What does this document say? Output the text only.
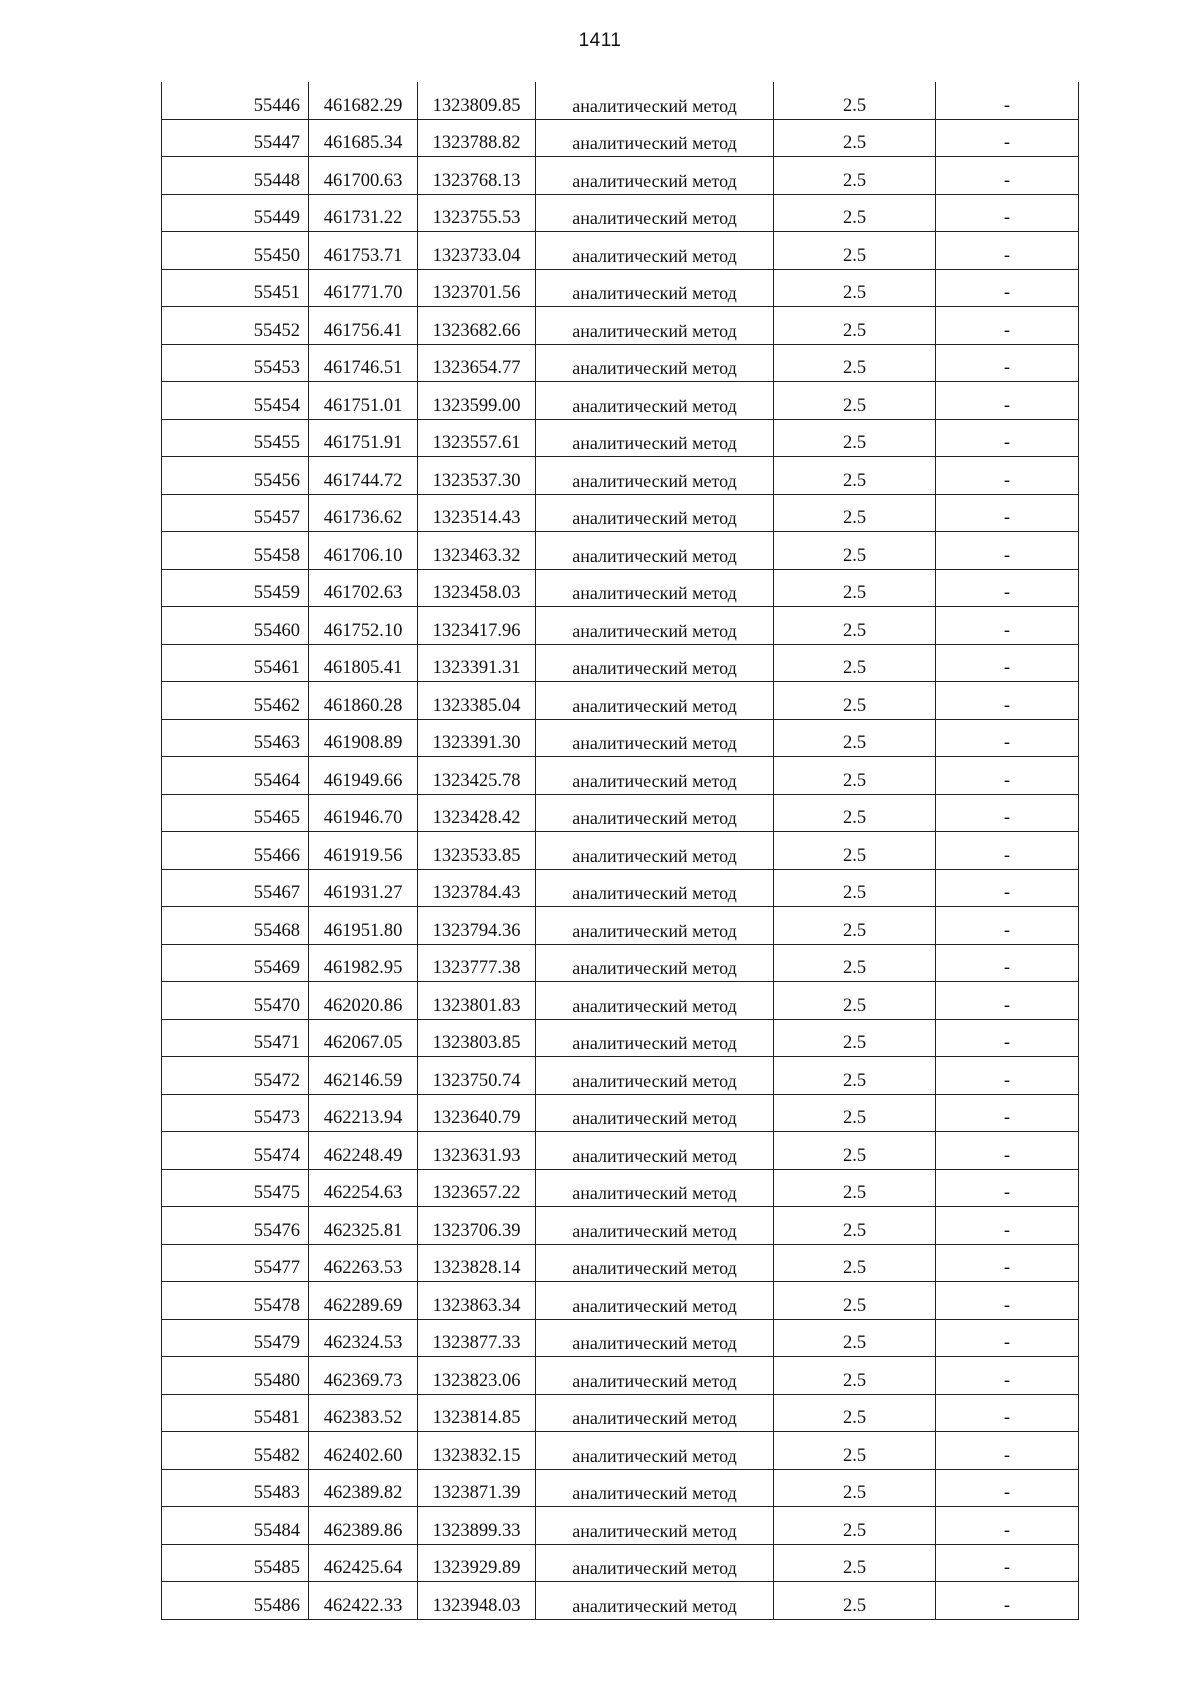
1411
55446	461682.29	1323809.85	аналитический метод	2.5	-
55447	461685.34	1323788.82	аналитический метод	2.5	-
55448	461700.63	1323768.13	аналитический метод	2.5	-
55449	461731.22	1323755.53	аналитический метод	2.5	-
55450	461753.71	1323733.04	аналитический метод	2.5	-
55451	461771.70	1323701.56	аналитический метод	2.5	-
55452	461756.41	1323682.66	аналитический метод	2.5	-
55453	461746.51	1323654.77	аналитический метод	2.5	-
55454	461751.01	1323599.00	аналитический метод	2.5	-
55455	461751.91	1323557.61	аналитический метод	2.5	-
55456	461744.72	1323537.30	аналитический метод	2.5	-
55457	461736.62	1323514.43	аналитический метод	2.5	-
55458	461706.10	1323463.32	аналитический метод	2.5	-
55459	461702.63	1323458.03	аналитический метод	2.5	-
55460	461752.10	1323417.96	аналитический метод	2.5	-
55461	461805.41	1323391.31	аналитический метод	2.5	-
55462	461860.28	1323385.04	аналитический метод	2.5	-
55463	461908.89	1323391.30	аналитический метод	2.5	-
55464	461949.66	1323425.78	аналитический метод	2.5	-
55465	461946.70	1323428.42	аналитический метод	2.5	-
55466	461919.56	1323533.85	аналитический метод	2.5	-
55467	461931.27	1323784.43	аналитический метод	2.5	-
55468	461951.80	1323794.36	аналитический метод	2.5	-
55469	461982.95	1323777.38	аналитический метод	2.5	-
55470	462020.86	1323801.83	аналитический метод	2.5	-
55471	462067.05	1323803.85	аналитический метод	2.5	-
55472	462146.59	1323750.74	аналитический метод	2.5	-
55473	462213.94	1323640.79	аналитический метод	2.5	-
55474	462248.49	1323631.93	аналитический метод	2.5	-
55475	462254.63	1323657.22	аналитический метод	2.5	-
55476	462325.81	1323706.39	аналитический метод	2.5	-
55477	462263.53	1323828.14	аналитический метод	2.5	-
55478	462289.69	1323863.34	аналитический метод	2.5	-
55479	462324.53	1323877.33	аналитический метод	2.5	-
55480	462369.73	1323823.06	аналитический метод	2.5	-
55481	462383.52	1323814.85	аналитический метод	2.5	-
55482	462402.60	1323832.15	аналитический метод	2.5	-
55483	462389.82	1323871.39	аналитический метод	2.5	-
55484	462389.86	1323899.33	аналитический метод	2.5	-
55485	462425.64	1323929.89	аналитический метод	2.5	-
55486	462422.33	1323948.03	аналитический метод	2.5	-
